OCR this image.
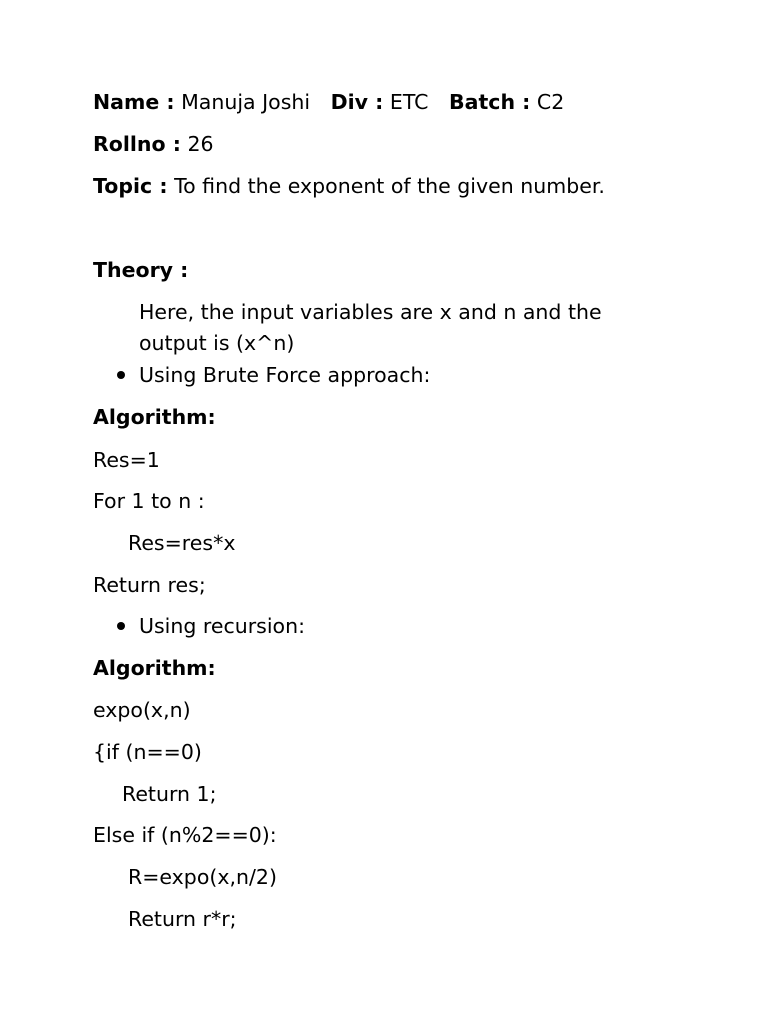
Name : Manuja Joshi Div : ETC Batch : C2
Rollno : 26
Topic : To find the exponent of the given number.
Theory :
Here, the input variables are x and n and the
output is (x^n)
Using Brute Force approach:
Algorithm:
Res=1
For 1 to n :
Res=res*x
Return res;
Using recursion:
Algorithm:
expo(x,n)
{if (n==0)
Return 1;
Else if (n%2==0):
R=expo(x,n/2)
Return r*r;
